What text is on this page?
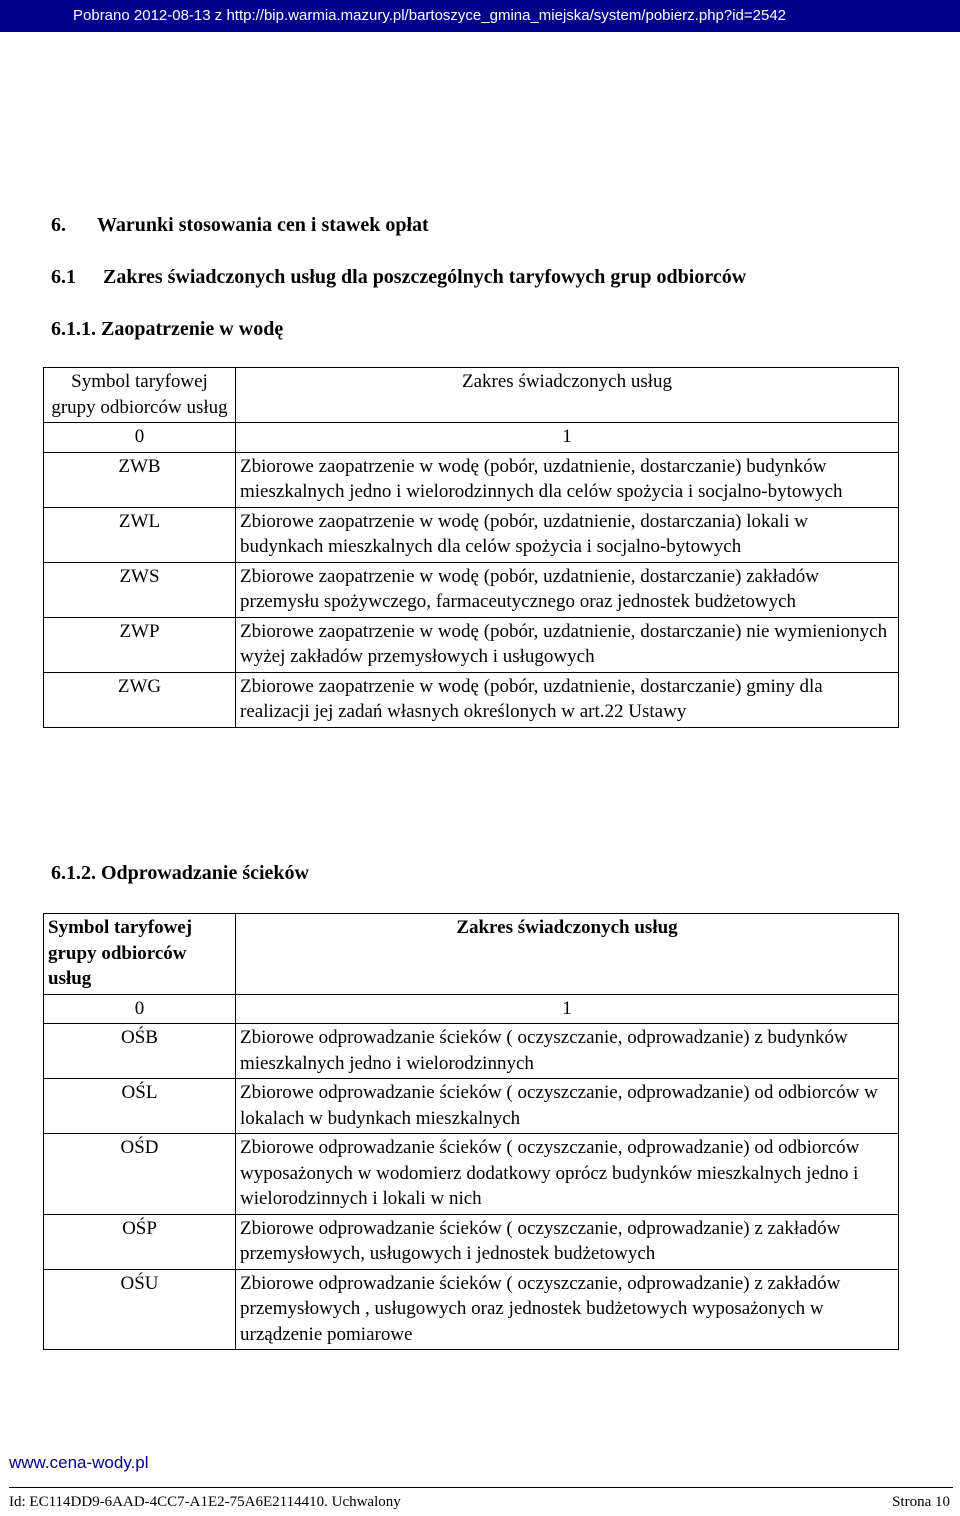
Pobrano 2012-08-13 z http://bip.warmia.mazury.pl/bartoszyce_gmina_miejska/system/pobierz.php?id=2542
6. Warunki stosowania cen i stawek opłat
6.1 Zakres świadczonych usług dla poszczególnych taryfowych grup odbiorców
6.1.1. Zaopatrzenie w wodę
Symbol taryfowej grupy odbiorców usług	Zakres świadczonych usług
0	1
ZWB	Zbiorowe zaopatrzenie w wodę (pobór, uzdatnienie, dostarczanie) budynków mieszkalnych jedno i wielorodzinnych dla celów spożycia i socjalno-bytowych
ZWL	Zbiorowe zaopatrzenie w wodę (pobór, uzdatnienie, dostarczania) lokali w budynkach mieszkalnych dla celów spożycia i socjalno-bytowych
ZWS	Zbiorowe zaopatrzenie w wodę (pobór, uzdatnienie, dostarczanie) zakładów przemysłu spożywczego, farmaceutycznego oraz jednostek budżetowych
ZWP	Zbiorowe zaopatrzenie w wodę (pobór, uzdatnienie, dostarczanie) nie wymienionych wyżej zakładów przemysłowych i usługowych
ZWG	Zbiorowe zaopatrzenie w wodę (pobór, uzdatnienie, dostarczanie) gminy dla realizacji jej zadań własnych określonych w art.22 Ustawy
6.1.2. Odprowadzanie ścieków
Symbol taryfowej grupy odbiorców usług	Zakres świadczonych usług
0	1
OŚB	Zbiorowe odprowadzanie ścieków ( oczyszczanie, odprowadzanie) z budynków mieszkalnych jedno i wielorodzinnych
OŚL	Zbiorowe odprowadzanie ścieków ( oczyszczanie, odprowadzanie) od odbiorców w lokalach w budynkach mieszkalnych
OŚD	Zbiorowe odprowadzanie ścieków ( oczyszczanie, odprowadzanie) od odbiorców wyposażonych w wodomierz dodatkowy oprócz budynków mieszkalnych jedno i wielorodzinnych i lokali w nich
OŚP	Zbiorowe odprowadzanie ścieków ( oczyszczanie, odprowadzanie) z zakładów przemysłowych, usługowych i jednostek budżetowych
OŚU	Zbiorowe odprowadzanie ścieków ( oczyszczanie, odprowadzanie) z zakładów przemysłowych , usługowych oraz jednostek budżetowych wyposażonych w urządzenie pomiarowe
www.cena-wody.pl
Id: EC114DD9-6AAD-4CC7-A1E2-75A6E2114410. Uchwalony	Strona 10
